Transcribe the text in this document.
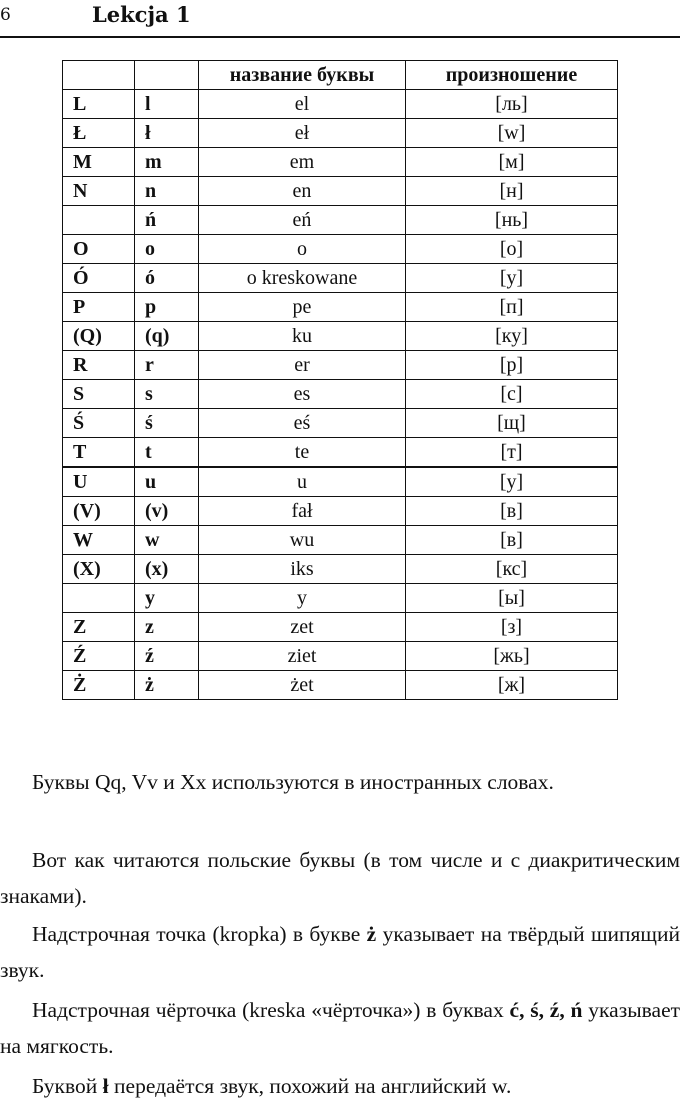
6	Lekcja 1
		название буквы	произношение
L	l	el	[ль]
Ł	ł	eł	[w]
M	m	em	[м]
N	n	en	[н]
	ń	eń	[нь]
O	o	o	[о]
Ó	ó	o kreskowane	[у]
P	p	pe	[п]
(Q)	(q)	ku	[ку]
R	r	er	[р]
S	s	es	[с]
Ś	ś	eś	[щ]
T	t	te	[т]
U	u	u	[у]
(V)	(v)	fał	[в]
W	w	wu	[в]
(X)	(x)	iks	[кс]
	y	y	[ы]
Z	z	zet	[з]
Ź	ź	ziet	[жь]
Ż	ż	żet	[ж]
Буквы Qq, Vv и Xx используются в иностранных словах.
Вот как читаются польские буквы (в том числе и с диакритическим знаками).
Надстрочная точка (kropka) в букве ż указывает на твёрдый шипящий звук.
Надстрочная чёрточка (kreska «чёрточка») в буквах ć, ś, ź, ń указывает на мягкость.
Буквой ł передаётся звук, похожий на английский w.
